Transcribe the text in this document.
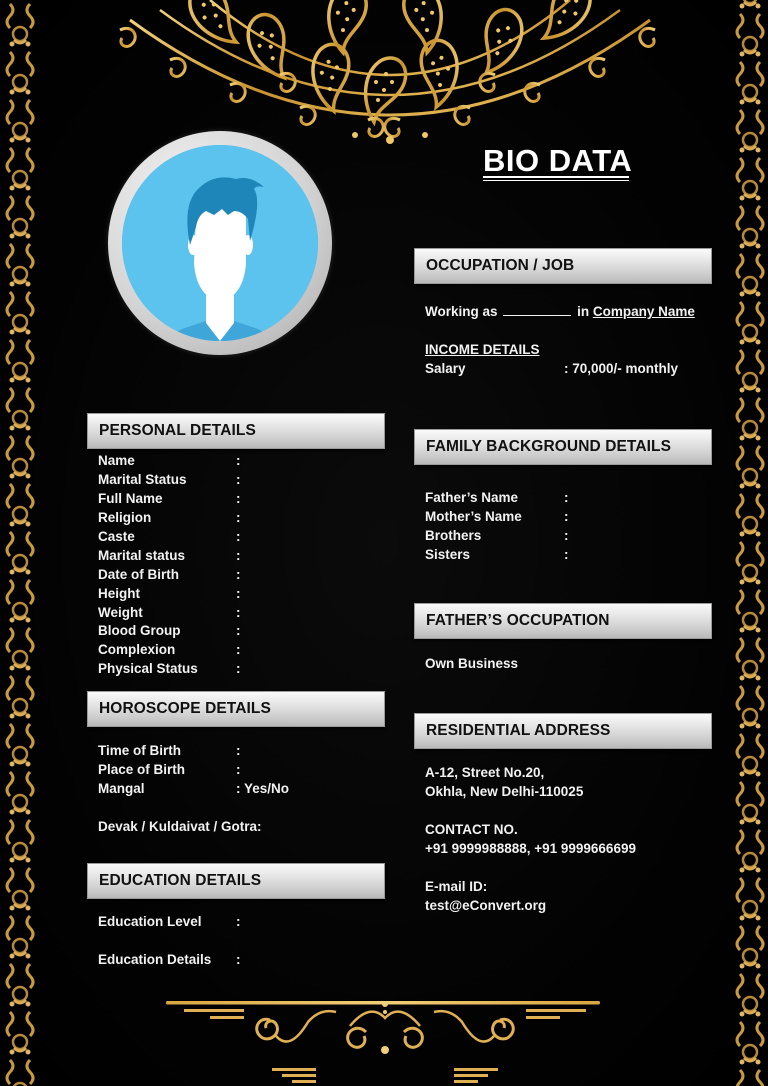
BIO DATA
OCCUPATION / JOB
Working as	in Company Name
INCOME DETAILS
Salary	: 70,000/- monthly
PERSONAL DETAILS
Name	:
Marital Status	:
Full Name	:
Religion	:
Caste	:
Marital status	:
Date of Birth	:
Height	:
Weight	:
Blood Group	:
Complexion	:
Physical Status	:
FAMILY BACKGROUND DETAILS
Father’s Name	:
Mother’s Name	:
Brothers	:
Sisters	:
FATHER’S OCCUPATION
Own Business
HOROSCOPE DETAILS
Time of Birth	:
Place of Birth	:
Mangal	: Yes/No
Devak / Kuldaivat / Gotra:
RESIDENTIAL ADDRESS
A-12, Street No.20,
Okhla, New Delhi-110025
CONTACT NO.
+91 9999988888, +91 9999666699
E-mail ID:
test@eConvert.org
EDUCATION DETAILS
Education Level	:
Education Details :
